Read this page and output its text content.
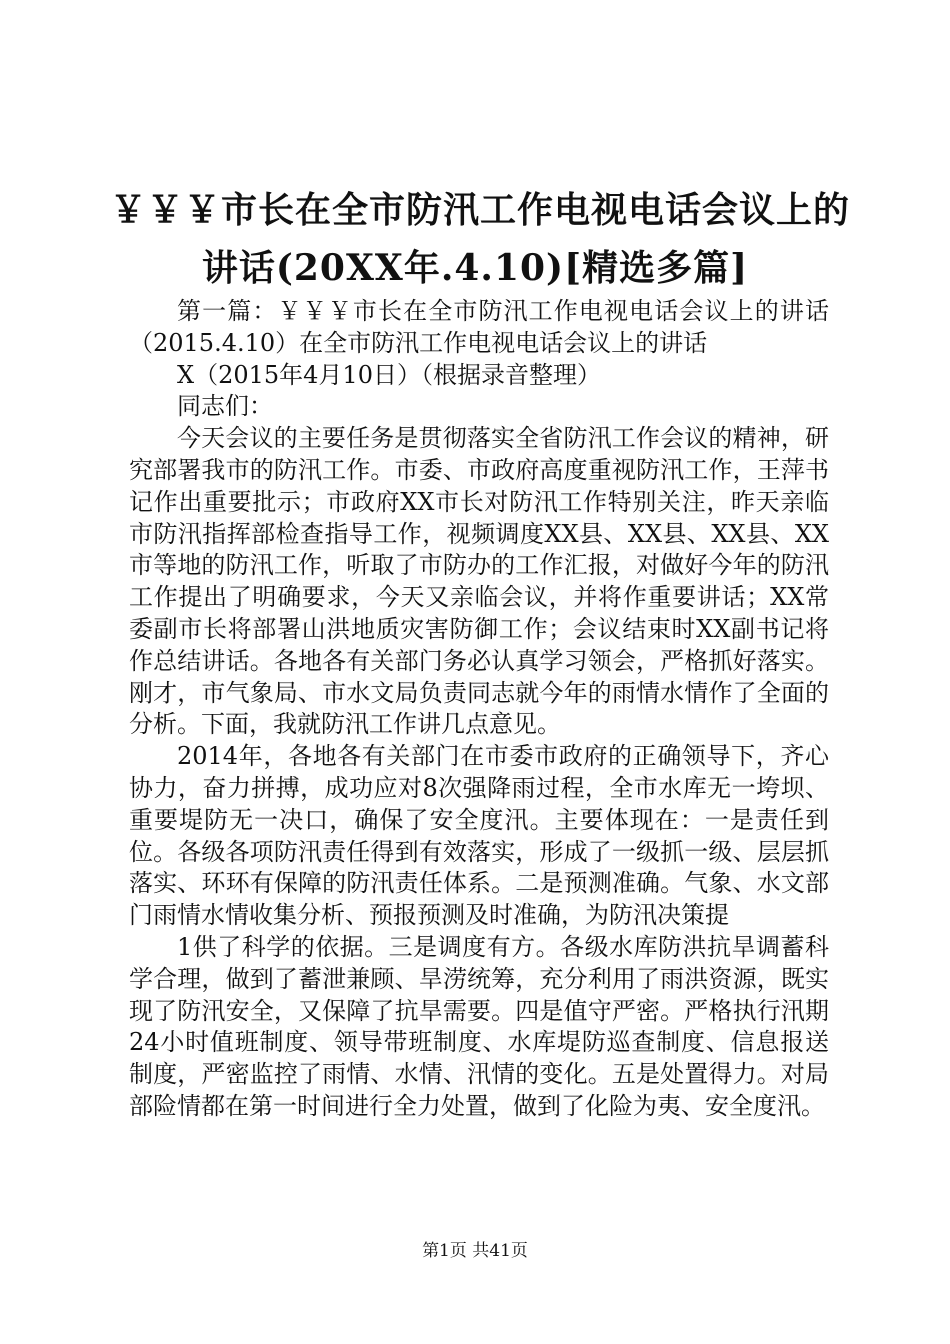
￥￥￥市长在全市防汛工作电视电话会议上的
讲话(20XX年.4.10)[精选多篇]

第一篇：￥￥￥市长在全市防汛工作电视电话会议上的讲话（2015.4.10）在全市防汛工作电视电话会议上的讲话

X（2015年4月10日）（根据录音整理）

同志们：

今天会议的主要任务是贯彻落实全省防汛工作会议的精神，研究部署我市的防汛工作。市委、市政府高度重视防汛工作，王萍书记作出重要批示；市政府XX市长对防汛工作特别关注，昨天亲临市防汛指挥部检查指导工作，视频调度XX县、XX县、XX县、XX市等地的防汛工作，听取了市防办的工作汇报，对做好今年的防汛工作提出了明确要求，今天又亲临会议，并将作重要讲话；XX常委副市长将部署山洪地质灾害防御工作；会议结束时XX副书记将作总结讲话。各地各有关部门务必认真学习领会，严格抓好落实。刚才，市气象局、市水文局负责同志就今年的雨情水情作了全面的分析。下面，我就防汛工作讲几点意见。

2014年，各地各有关部门在市委市政府的正确领导下，齐心协力，奋力拼搏，成功应对8次强降雨过程，全市水库无一垮坝、重要堤防无一决口，确保了安全度汛。主要体现在：一是责任到位。各级各项防汛责任得到有效落实，形成了一级抓一级、层层抓落实、环环有保障的防汛责任体系。二是预测准确。气象、水文部门雨情水情收集分析、预报预测及时准确，为防汛决策提

1供了科学的依据。三是调度有方。各级水库防洪抗旱调蓄科学合理，做到了蓄泄兼顾、旱涝统筹，充分利用了雨洪资源，既实现了防汛安全，又保障了抗旱需要。四是值守严密。严格执行汛期24小时值班制度、领导带班制度、水库堤防巡查制度、信息报送制度，严密监控了雨情、水情、汛情的变化。五是处置得力。对局部险情都在第一时间进行全力处置，做到了化险为夷、安全度汛。

第1页 共41页
